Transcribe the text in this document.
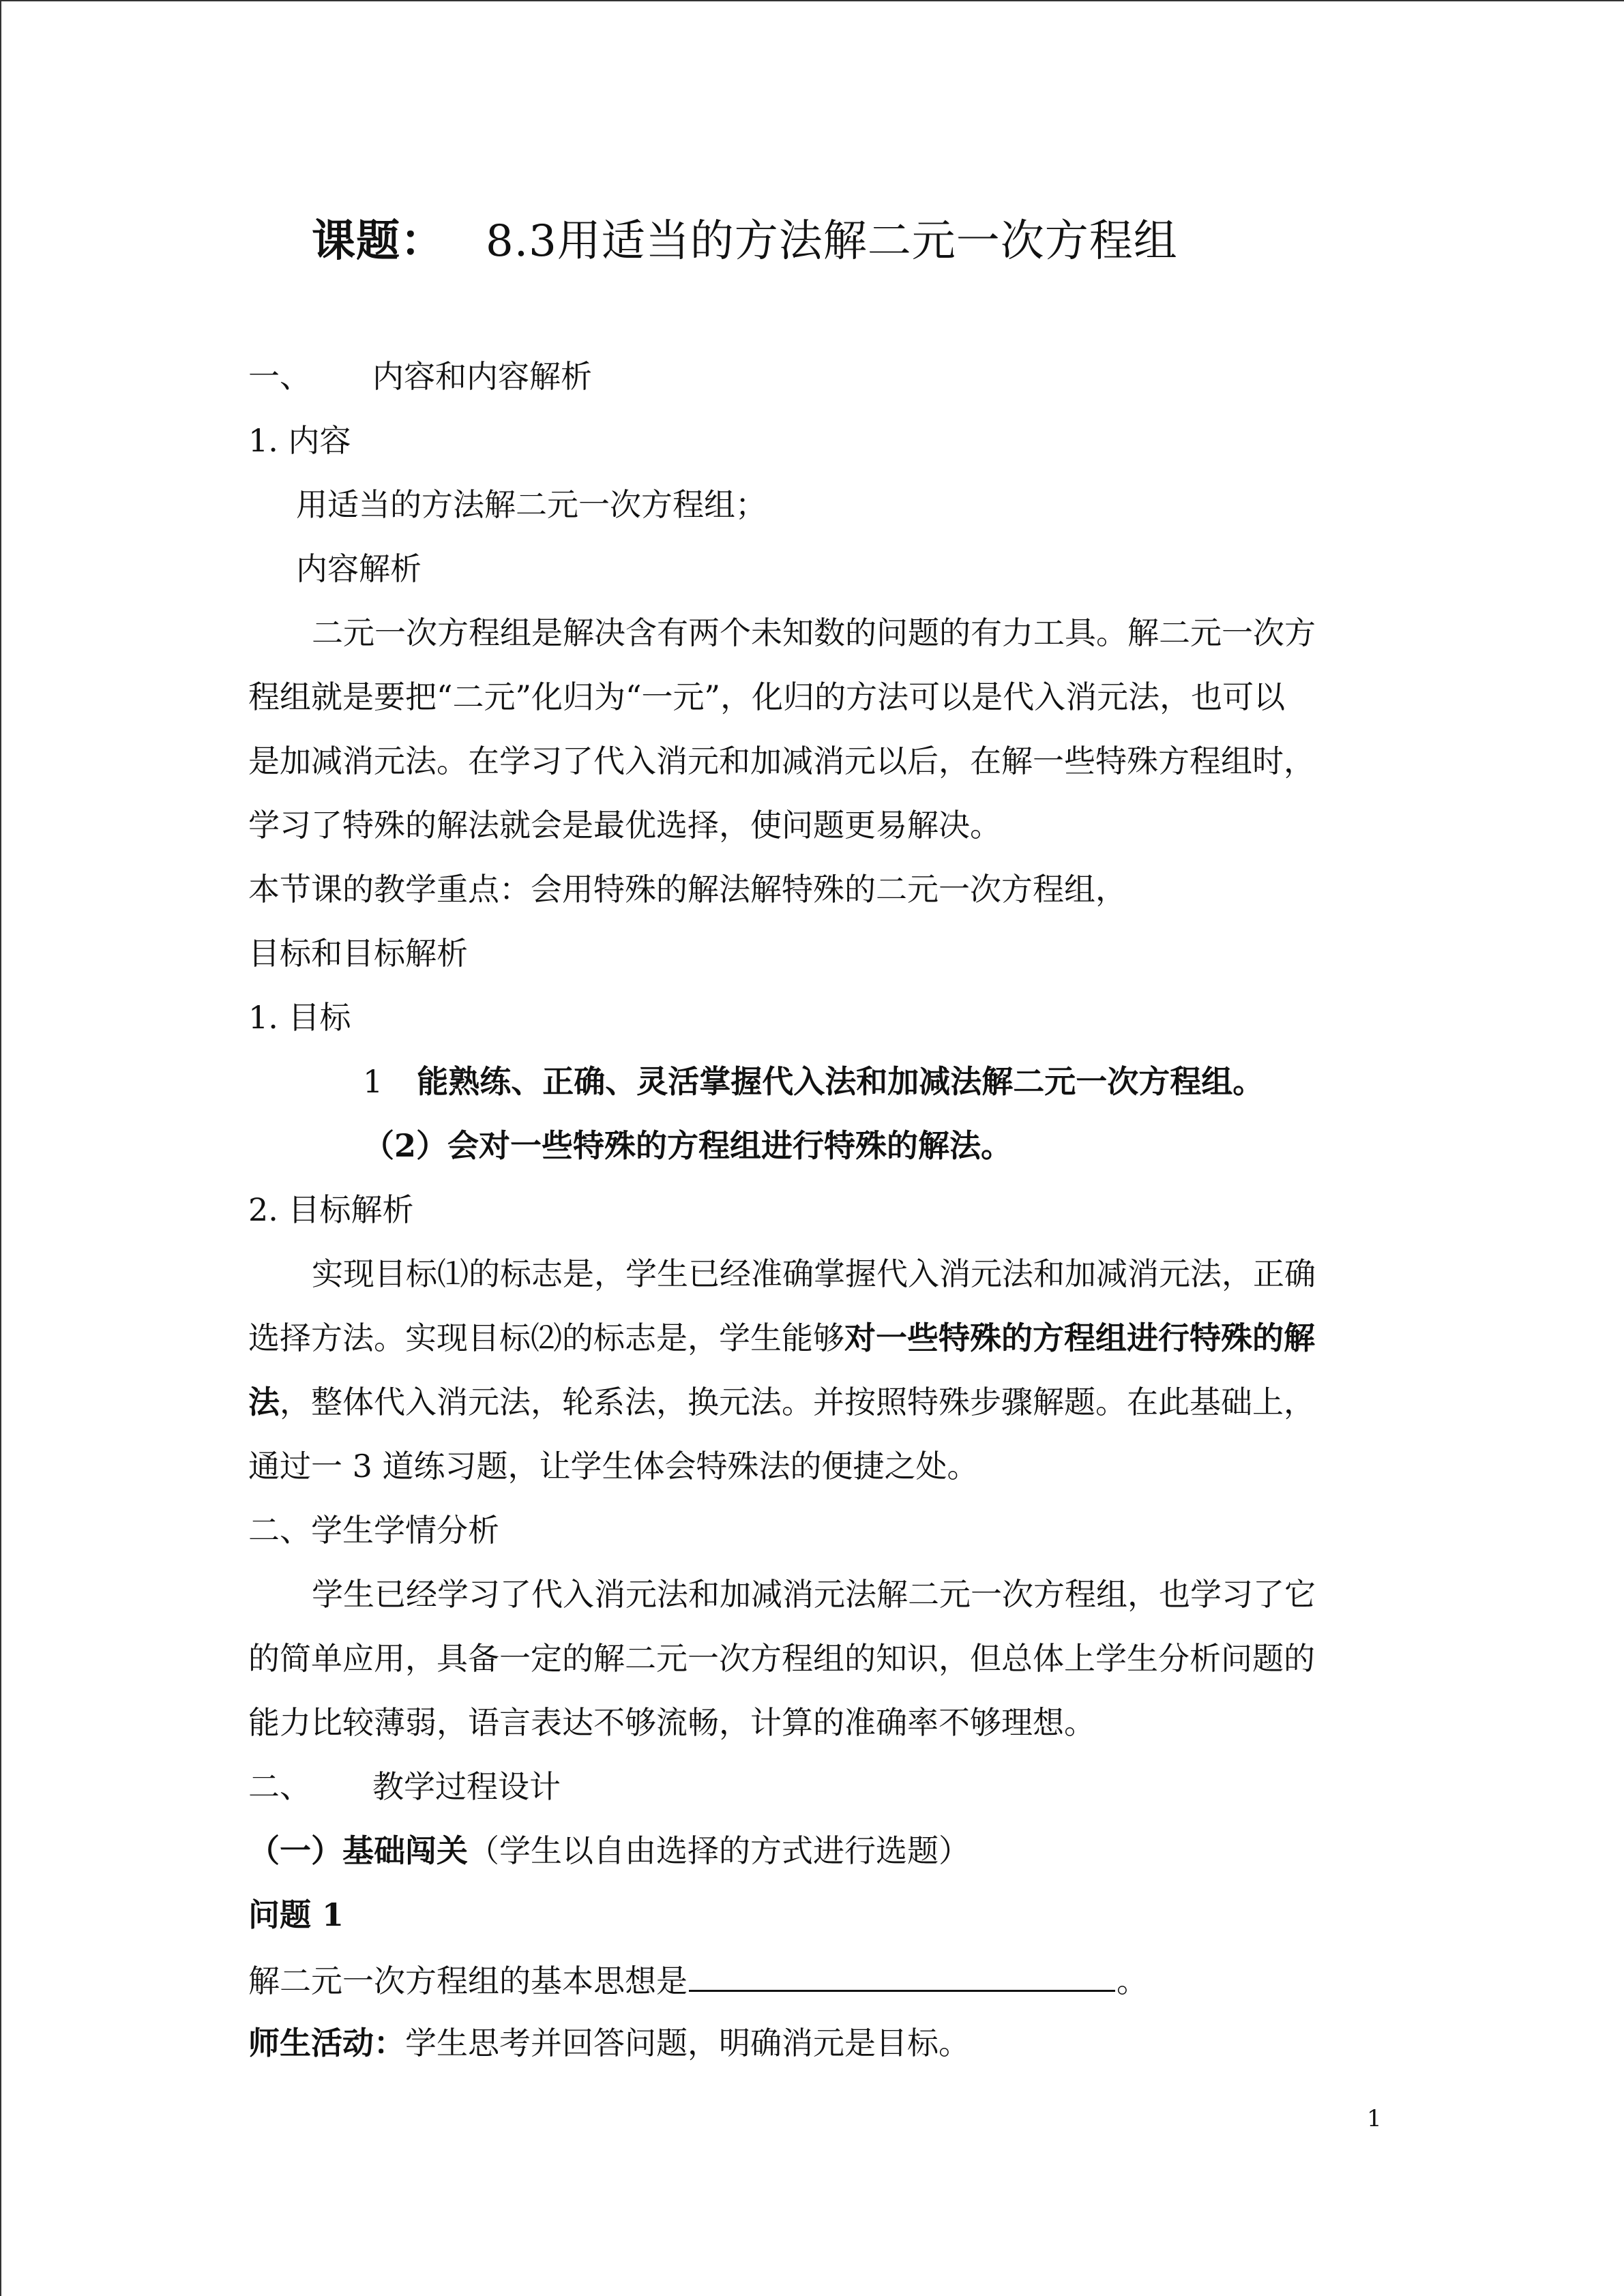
课题： 8.3用适当的方法解二元一次方程组
一、 内容和内容解析
1. 内容
用适当的方法解二元一次方程组；
内容解析
二元一次方程组是解决含有两个未知数的问题的有力工具。解二元一次方
程组就是要把“二元”化归为“一元”，化归的方法可以是代入消元法，也可以
是加减消元法。在学习了代入消元和加减消元以后，在解一些特殊方程组时，
学习了特殊的解法就会是最优选择，使问题更易解决。
本节课的教学重点：会用特殊的解法解特殊的二元一次方程组，
目标和目标解析
1. 目标
1 能熟练、正确、灵活掌握代入法和加减法解二元一次方程组。
（2）会对一些特殊的方程组进行特殊的解法。
2. 目标解析
实现目标⑴的标志是，学生已经准确掌握代入消元法和加减消元法，正确
选择方法。实现目标⑵的标志是，学生能够对一些特殊的方程组进行特殊的解
法，整体代入消元法，轮系法，换元法。并按照特殊步骤解题。在此基础上，
通过一 3 道练习题，让学生体会特殊法的便捷之处。
二、学生学情分析
学生已经学习了代入消元法和加减消元法解二元一次方程组，也学习了它
的简单应用，具备一定的解二元一次方程组的知识，但总体上学生分析问题的
能力比较薄弱，语言表达不够流畅，计算的准确率不够理想。
二、 教学过程设计
（一）基础闯关（学生以自由选择的方式进行选题）
问题 1
解二元一次方程组的基本思想是	。
师生活动：学生思考并回答问题，明确消元是目标。
1
